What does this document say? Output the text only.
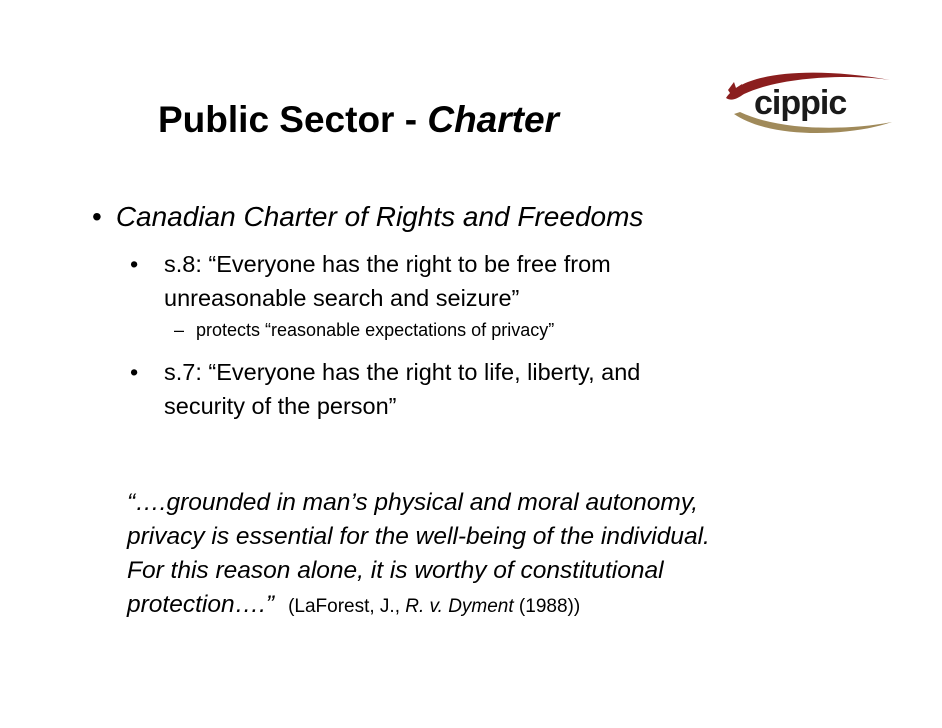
Public Sector - Charter	cippic
• Canadian Charter of Rights and Freedoms
• s.8: “Everyone has the right to be free from
unreasonable search and seizure”
– protects “reasonable expectations of privacy”
• s.7: “Everyone has the right to life, liberty, and
security of the person”
“….grounded in man’s physical and moral autonomy,
privacy is essential for the well-being of the individual.
For this reason alone, it is worthy of constitutional
protection….” (LaForest, J., R. v. Dyment (1988))
